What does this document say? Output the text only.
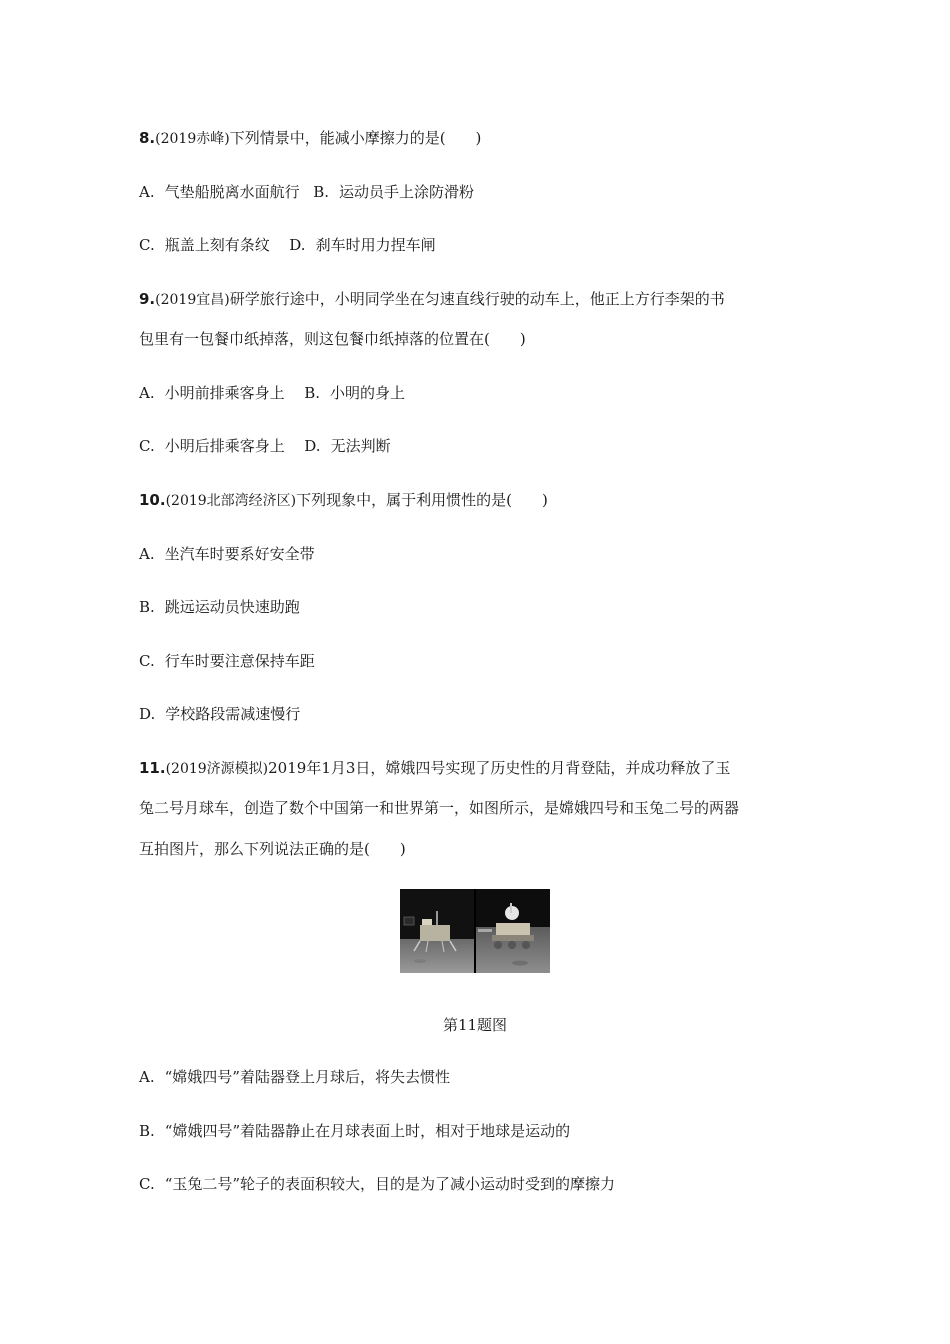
8.(2019赤峰)下列情景中，能减小摩擦力的是(　　)
A. 气垫船脱离水面航行 B. 运动员手上涂防滑粉
C. 瓶盖上刻有条纹 D. 刹车时用力捏车闸
9.(2019宜昌)研学旅行途中，小明同学坐在匀速直线行驶的动车上，他正上方行李架的书
包里有一包餐巾纸掉落，则这包餐巾纸掉落的位置在(　　)
A. 小明前排乘客身上 B. 小明的身上
C. 小明后排乘客身上 D. 无法判断
10.(2019北部湾经济区)下列现象中，属于利用惯性的是(　　)
A. 坐汽车时要系好安全带
B. 跳远运动员快速助跑
C. 行车时要注意保持车距
D. 学校路段需减速慢行
11.(2019济源模拟)2019年1月3日，嫦娥四号实现了历史性的月背登陆，并成功释放了玉
兔二号月球车，创造了数个中国第一和世界第一，如图所示，是嫦娥四号和玉兔二号的两器
互拍图片，那么下列说法正确的是(　　)
第11题图
A. “嫦娥四号”着陆器登上月球后，将失去惯性
B. “嫦娥四号”着陆器静止在月球表面上时，相对于地球是运动的
C. “玉兔二号”轮子的表面积较大，目的是为了减小运动时受到的摩擦力
